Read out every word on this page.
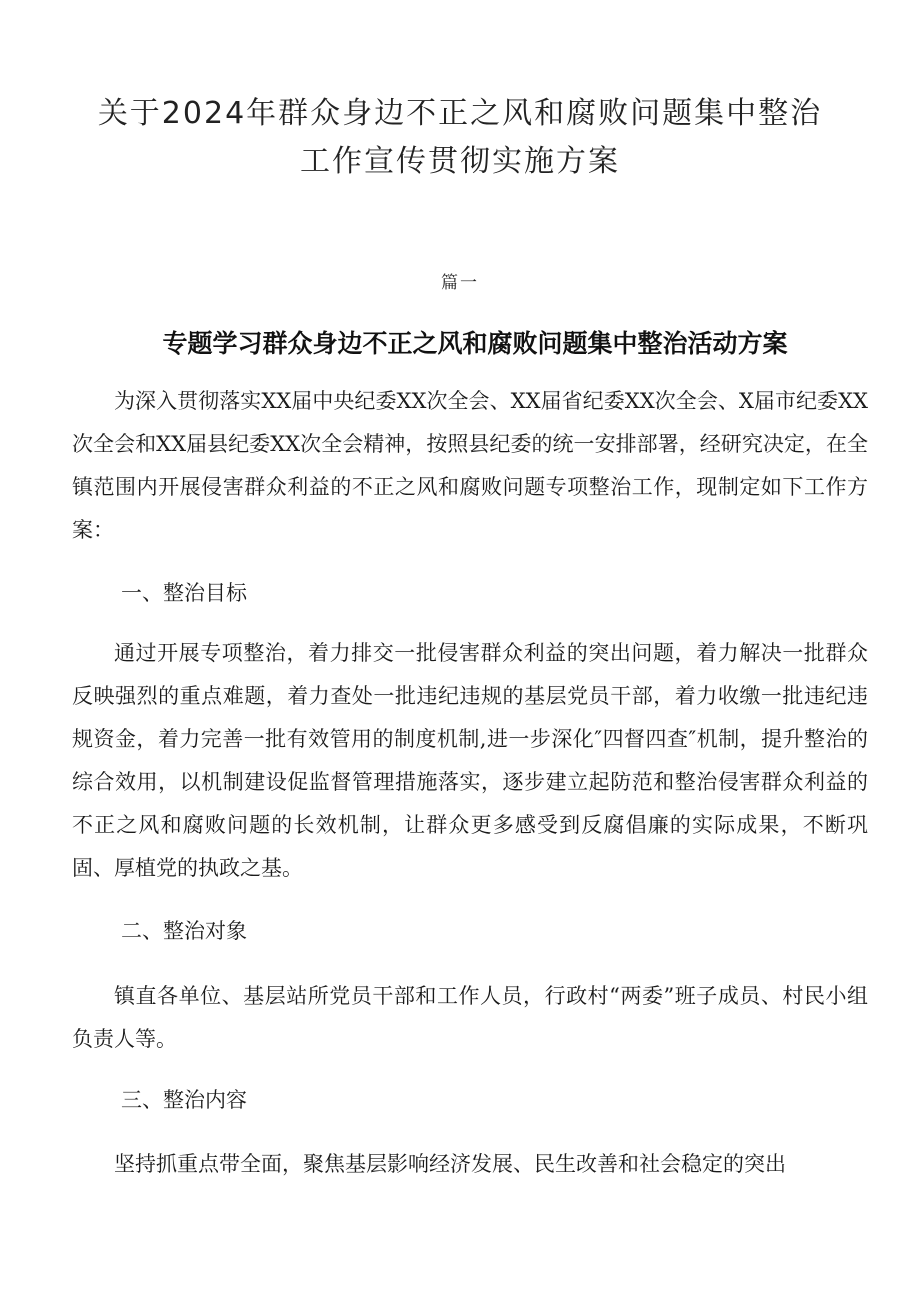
关于2024年群众身边不正之风和腐败问题集中整治
工作宣传贯彻实施方案
篇一
专题学习群众身边不正之风和腐败问题集中整治活动方案

为深入贯彻落实XX届中央纪委XX次全会、XX届省纪委XX次全会、X届市纪委XX次全会和XX届县纪委XX次全会精神，按照县纪委的统一安排部署，经研究决定，在全镇范围内开展侵害群众利益的不正之风和腐败问题专项整治工作，现制定如下工作方案：

一、整治目标

通过开展专项整治，着力排交一批侵害群众利益的突出问题，着力解决一批群众反映强烈的重点难题，着力查处一批违纪违规的基层党员干部，着力收缴一批违纪违规资金，着力完善一批有效管用的制度机制,进一步深化″四督四查″机制，提升整治的综合效用，以机制建设促监督管理措施落实，逐步建立起防范和整治侵害群众利益的不正之风和腐败问题的长效机制，让群众更多感受到反腐倡廉的实际成果，不断巩固、厚植党的执政之基。

二、整治对象

镇直各单位、基层站所党员干部和工作人员，行政村“两委”班子成员、村民小组负责人等。

三、整治内容

坚持抓重点带全面，聚焦基层影响经济发展、民生改善和社会稳定的突出
